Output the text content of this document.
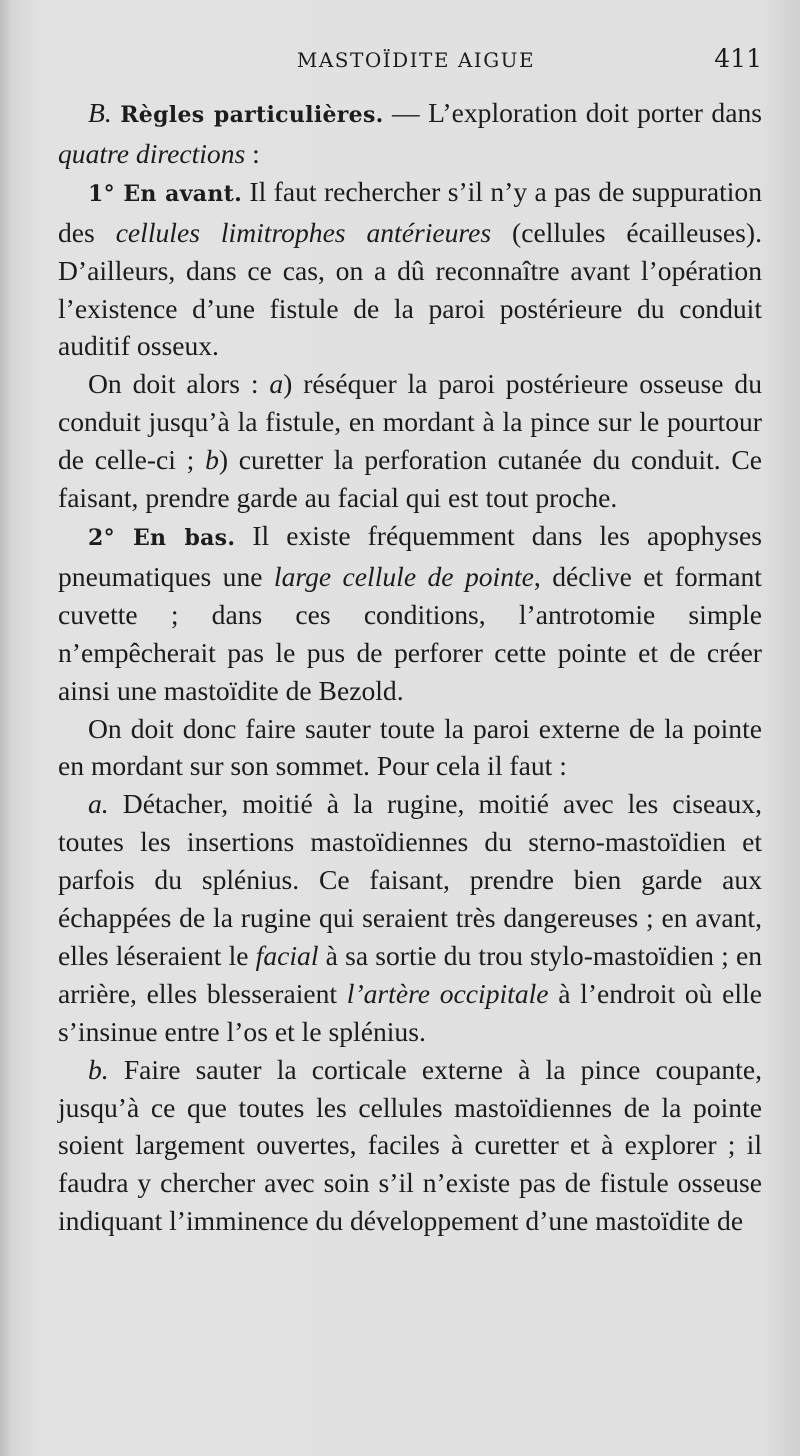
MASTOÏDITE AIGUE	411

B. Règles particulières. — L’exploration doit porter dans quatre directions :

1° En avant. Il faut rechercher s’il n’y a pas de suppuration des cellules limitrophes antérieures (cellules écailleuses). D’ailleurs, dans ce cas, on a dû reconnaître avant l’opération l’existence d’une fistule de la paroi postérieure du conduit auditif osseux.

On doit alors : a) réséquer la paroi postérieure osseuse du conduit jusqu’à la fistule, en mordant à la pince sur le pourtour de celle-ci ; b) curetter la perforation cutanée du conduit. Ce faisant, prendre garde au facial qui est tout proche.

2° En bas. Il existe fréquemment dans les apophyses pneumatiques une large cellule de pointe, déclive et formant cuvette ; dans ces conditions, l’antrotomie simple n’empêcherait pas le pus de perforer cette pointe et de créer ainsi une mastoïdite de Bezold.

On doit donc faire sauter toute la paroi externe de la pointe en mordant sur son sommet. Pour cela il faut :

a. Détacher, moitié à la rugine, moitié avec les ciseaux, toutes les insertions mastoïdiennes du sterno-mastoïdien et parfois du splénius. Ce faisant, prendre bien garde aux échappées de la rugine qui seraient très dangereuses ; en avant, elles léseraient le facial à sa sortie du trou stylo-mastoïdien ; en arrière, elles blesseraient l’artère occipitale à l’endroit où elle s’insinue entre l’os et le splénius.

b. Faire sauter la corticale externe à la pince coupante, jusqu’à ce que toutes les cellules mastoïdiennes de la pointe soient largement ouvertes, faciles à curetter et à explorer ; il faudra y chercher avec soin s’il n’existe pas de fistule osseuse indiquant l’imminence du développement d’une mastoïdite de
